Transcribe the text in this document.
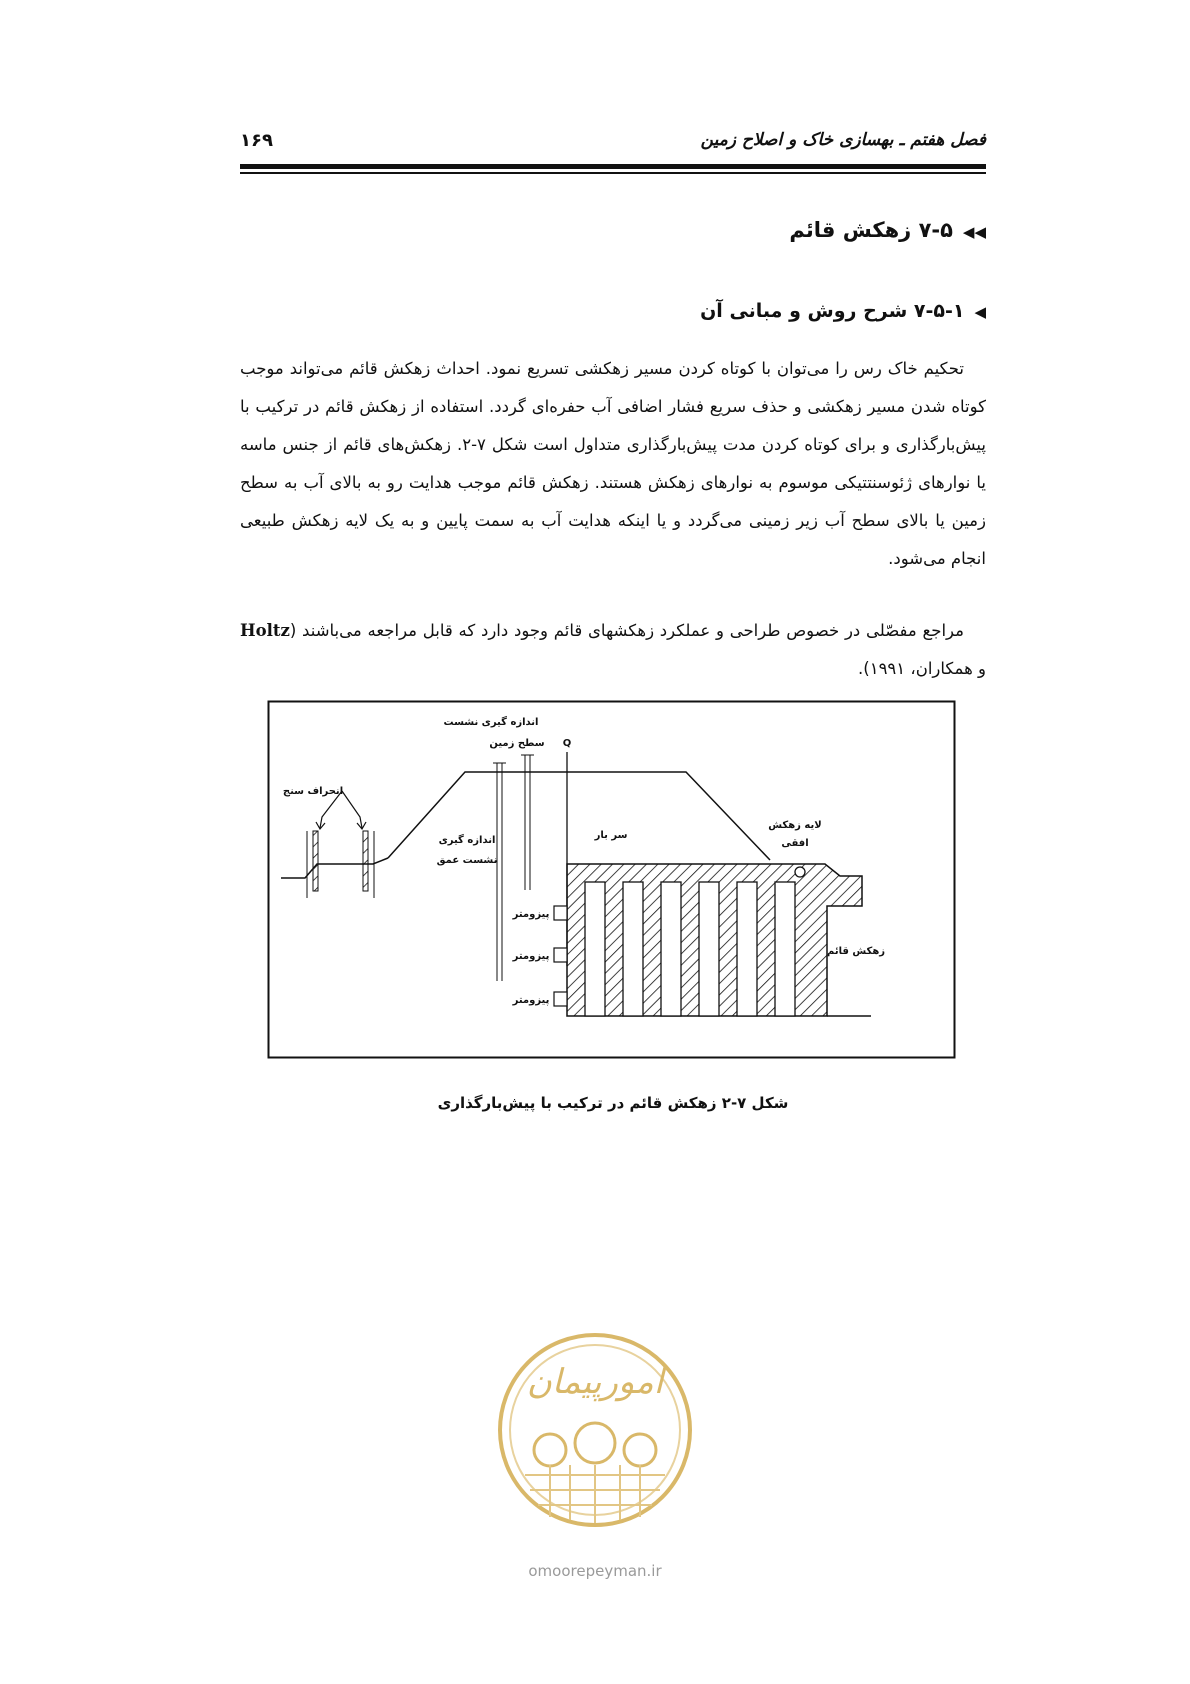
فصل هفتم ـ بهسازی خاک و اصلاح زمین
۱۶۹
◀◀۷-۵ زهکش قائم
◀۷-۵-۱ شرح روش و مبانی آن

تحکیم خاک رس را می‌توان با کوتاه کردن مسیر زهکشی تسریع نمود. احداث زهکش قائم می‌تواند موجب کوتاه شدن مسیر زهکشی و حذف سریع فشار اضافی آب حفره‌ای گردد. استفاده از زهکش قائم در ترکیب با پیش‌بارگذاری و برای کوتاه کردن مدت پیش‌بارگذاری متداول است شکل ۷-۲. زهکش‌های قائم از جنس ماسه یا نوارهای ژئوسنتتیکی موسوم به نوارهای زهکش هستند. زهکش قائم موجب هدایت رو به بالای آب به سطح زمین یا بالای سطح آب زیر زمینی می‌گردد و یا اینکه هدایت آب به سمت پایین و به یک لایه زهکش طبیعی انجام می‌شود.

مراجع مفصّلی در خصوص طراحی و عملکرد زهکشهای قائم وجود دارد که قابل مراجعه می‌باشند (Holtz و همکاران، ۱۹۹۱).

اندازه گیری نشست
سطح زمین Q
انحراف سنج
اندازه گیری
نشست عمق
سر بار
لایه زهکش
افقی
زهکش قائم
پیزومتر
پیزومتر
پیزومتر
شکل ۷-۲ زهکش قائم در ترکیب با پیش‌بارگذاری
امورپیمان
omoorepeyman.ir
